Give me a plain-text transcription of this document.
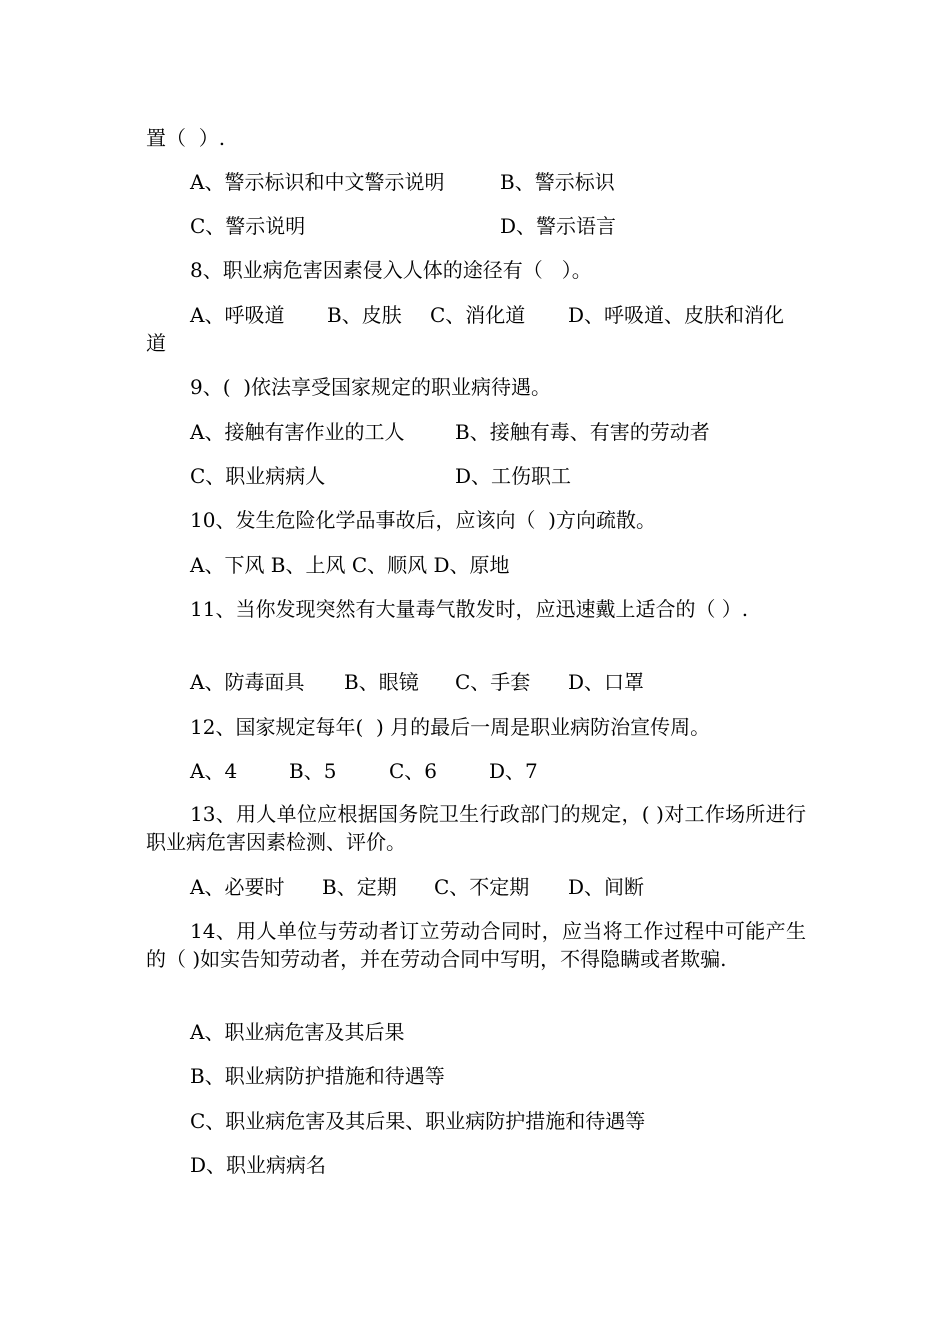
置（  ）.
A、警示标识和中文警示说明	B、警示标识
C、警示说明	D、警示语言
8、职业病危害因素侵入人体的途径有（   ）。
A、呼吸道 B、皮肤 C、消化道 D、呼吸道、皮肤和消化
9、(  )依法享受国家规定的职业病待遇。
A、接触有害作业的工人	B、接触有毒、有害的劳动者
C、职业病病人	D、工伤职工
10、发生危险化学品事故后，应该向（  )方向疏散。
A、下风 B、上风 C、顺风 D、原地
11、当你发现突然有大量毒气散发时，应迅速戴上适合的（ ）.
A、防毒面具 B、眼镜 C、手套 D、口罩
12、国家规定每年(  ) 月的最后一周是职业病防治宣传周。
A、4	B、5	C、6	D、7
13、用人单位应根据国务院卫生行政部门的规定，( )对工作场所进行职业病危害因素检测、评价。
A、必要时 B、定期 C、不定期 D、间断
14、用人单位与劳动者订立劳动合同时，应当将工作过程中可能产生的（ )如实告知劳动者，并在劳动合同中写明，不得隐瞒或者欺骗.
A、职业病危害及其后果
B、职业病防护措施和待遇等
C、职业病危害及其后果、职业病防护措施和待遇等
D、职业病病名
道
